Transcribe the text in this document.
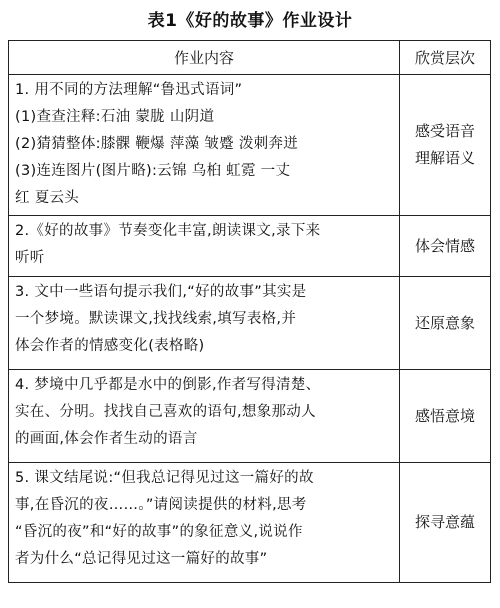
表1《好的故事》作业设计
作业内容	欣赏层次

1. 用不同的方法理解“鲁迅式语词”
(1)查查注释:石油 蒙胧 山阴道
(2)猜猜整体:膝髁 鞭爆 萍藻 皱蹙 泼刺奔迸
(3)连连图片(图片略):云锦 乌桕 虹霓 一丈
红 夏云头	感受语音
理解语义

2.《好的故事》节奏变化丰富,朗读课文,录下来
听听	体会情感

3. 文中一些语句提示我们,“好的故事”其实是
一个梦境。默读课文,找找线索,填写表格,并
体会作者的情感变化(表格略)	还原意象

4. 梦境中几乎都是水中的倒影,作者写得清楚、
实在、分明。找找自己喜欢的语句,想象那动人
的画面,体会作者生动的语言	感悟意境

5. 课文结尾说:“但我总记得见过这一篇好的故
事,在昏沉的夜……。”请阅读提供的材料,思考
“昏沉的夜”和“好的故事”的象征意义,说说作
者为什么“总记得见过这一篇好的故事”	探寻意蕴
